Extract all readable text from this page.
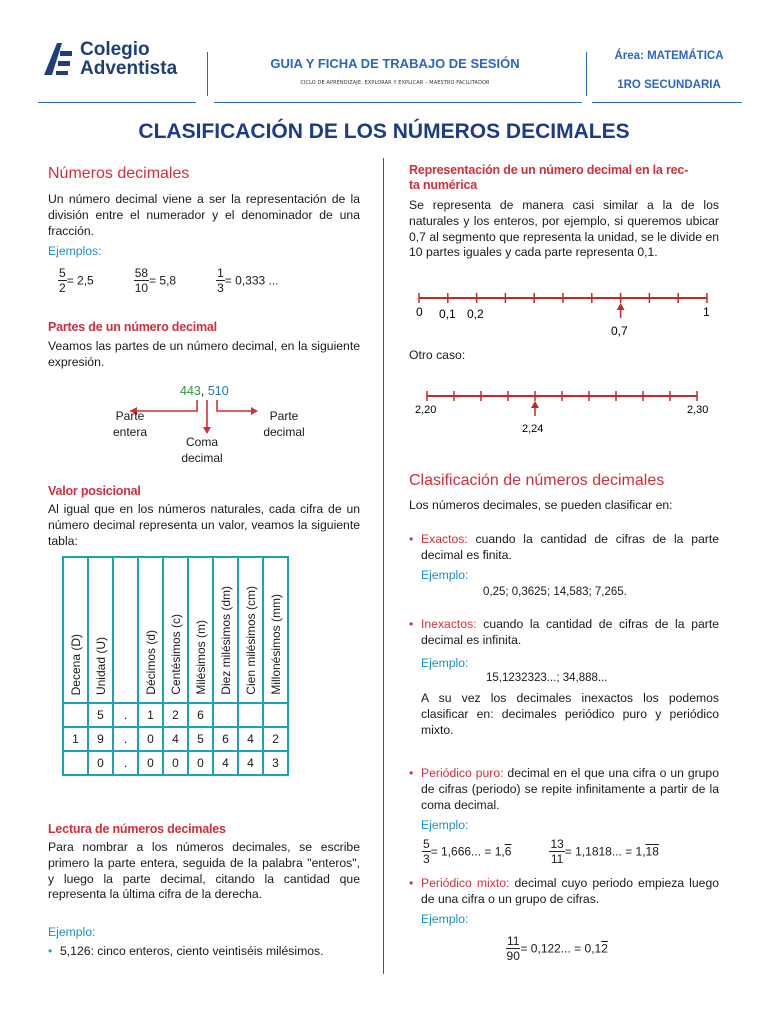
Colegio
Adventista	GUIA Y FICHA DE TRABAJO DE SESIÓN
CICLO DE APRENDIZAJE: EXPLORAR Y EXPLICAR – MAESTRO FACILITADOR
Área: MATEMÁTICA
1RO SECUNDARIA
CLASIFICACIÓN DE LOS NÚMEROS DECIMALES
Números decimales
Un número decimal viene a ser la representación de la división entre el numerador y el denominador de una fracción.
Ejemplos:
$\frac{5}{2} = 2,5$	$\frac{58}{10} = 5,8$	$\frac{1}{3} = 0,333$ ...
Partes de un número decimal
Veamos las partes de un número decimal, en la siguiente expresión.
443, 510
Parte
entera
Coma
decimal
Parte
decimal
Valor posicional
Al igual que en los números naturales, cada cifra de un número decimal representa un valor, veamos la siguiente tabla:
Decena (D)	Unidad (U)		Décimos (d)	Centésimos (c)	Milésimos (m)	Diez milésimos (dm)	Cien milésimos (cm)	Millonésimos (mm)
	5	.	1	2	6			
1	9	.	0	4	5	6	4	2
	0	.	0	0	0	4	4	3
Lectura de números decimales
Para nombrar a los números decimales, se escribe primero la parte entera, seguida de la palabra "enteros", y luego la parte decimal, citando la cantidad que representa la última cifra de la derecha.
Ejemplo:
• 5,126: cinco enteros, ciento veintiséis milésimos.
Representación de un número decimal en la rec-
ta numérica
Se representa de manera casi similar a la de los naturales y los enteros, por ejemplo, si queremos ubicar 0,7 al segmento que representa la unidad, se le divide en 10 partes iguales y cada parte representa 0,1.
0 0,1 0,2	1
0,7
Otro caso:
2,20	2,30
2,24
Clasificación de números decimales
Los números decimales, se pueden clasificar en:
• Exactos: cuando la cantidad de cifras de la parte decimal es finita.
Ejemplo:
0,25; 0,3625; 14,583; 7,265.
• Inexactos: cuando la cantidad de cifras de la parte decimal es infinita.
Ejemplo:
15,1232323...; 34,888...
A su vez los decimales inexactos los podemos clasificar en: decimales periódico puro y periódico mixto.
• Periódico puro: decimal en el que una cifra o un grupo de cifras (periodo) se repite infinitamente a partir de la coma decimal.
Ejemplo:
$\frac{5}{3} = 1,666$... = 1,6	$\frac{13}{11} = 1,1818$... = 1,18
• Periódico mixto: decimal cuyo periodo empieza luego de una cifra o un grupo de cifras.
Ejemplo:
$\frac{11}{90} = 0,122$... = 0,12
